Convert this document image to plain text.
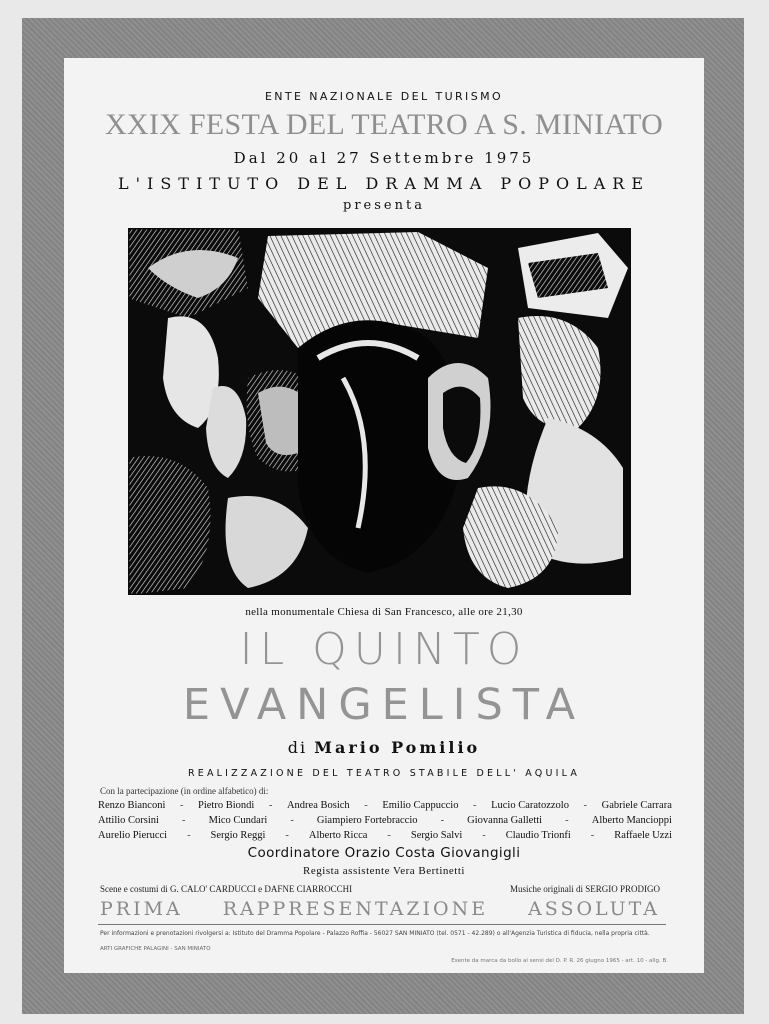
ENTE NAZIONALE DEL TURISMO
XXIX FESTA DEL TEATRO A S. MINIATO
Dal 20 al 27 Settembre 1975
L'ISTITUTO DEL DRAMMA POPOLARE
presenta
nella monumentale Chiesa di San Francesco, alle ore 21,30
IL QUINTO
EVANGELISTA
di Mario Pomilio
REALIZZAZIONE DEL TEATRO STABILE DELL' AQUILA
Con la partecipazione (in ordine alfabetico) di:
Renzo Bianconi - Pietro Biondi - Andrea Bosich - Emilio Cappuccio - Lucio Caratozzolo - Gabriele Carrara
Attilio Corsini - Mico Cundari - Giampiero Fortebraccio - Giovanna Galletti - Alberto Mancioppi
Aurelio Pierucci - Sergio Reggi - Alberto Ricca - Sergio Salvi - Claudio Trionfi - Raffaele Uzzi
Coordinatore Orazio Costa Giovangigli
Regista assistente Vera Bertinetti
Scene e costumi di G. CALO' CARDUCCI e DAFNE CIARROCCHI	Musiche originali di SERGIO PRODIGO
PRIMA RAPPRESENTAZIONE ASSOLUTA
Per informazioni e prenotazioni rivolgersi a: Istituto del Dramma Popolare - Palazzo Roffia - 56027 SAN MINIATO (tel. 0571 - 42.289) o all'Agenzia Turistica di fiducia, nella propria città.
ARTI GRAFICHE PALAGINI - SAN MINIATO
Esente da marca da bollo ai sensi del D. P. R. 26 giugno 1965 - art. 10 - allg. B.
